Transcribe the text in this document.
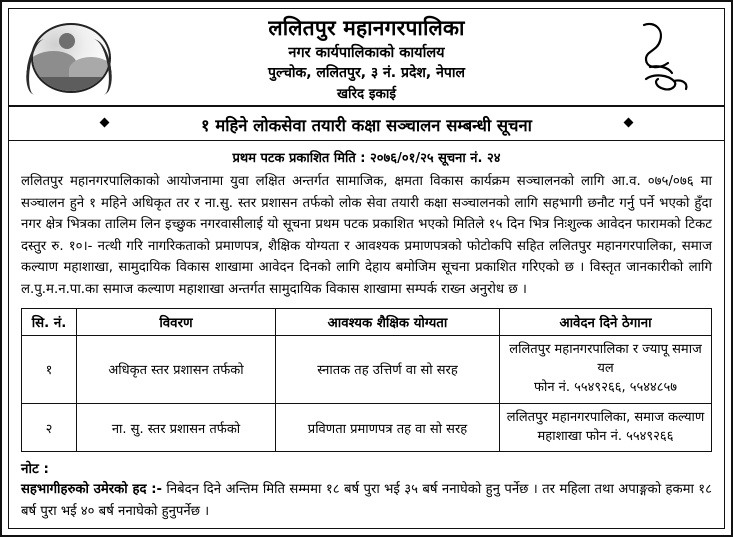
ललितपुर महानगरपालिका
नगर कार्यपालिकाको कार्यालय
पुल्चोक, ललितपुर, ३ नं. प्रदेश, नेपाल
खरिद इकाई
१ महिने लोकसेवा तयारी कक्षा सञ्चालन सम्बन्धी सूचना
प्रथम पटक प्रकाशित मिति : २०७६/०१/२५ सूचना नं. २४
ललितपुर महानगरपालिकाको आयोजनामा युवा लक्षित अन्तर्गत सामाजिक, क्षमता विकास कार्यक्रम सञ्चालनको लागि आ.व. ०७५/०७६ मा सञ्चालन हुने १ महिने अधिकृत तर र ना.सु. स्तर प्रशासन तर्फको लोक सेवा तयारी कक्षा सञ्चालनको लागि सहभागी छनौट गर्नु पर्ने भएको हुँदा नगर क्षेत्र भित्रका तालिम लिन इच्छुक नगरवासीलाई यो सूचना प्रथम पटक प्रकाशित भएको मितिले १५ दिन भित्र निःशुल्क आवेदन फारामको टिकट दस्तुर रु. १०।- नत्थी गरि नागरिकताको प्रमाणपत्र, शैक्षिक योग्यता र आवश्यक प्रमाणपत्रको फोटोकपि सहित ललितपुर महानगरपालिका, समाज कल्याण महाशाखा, सामुदायिक विकास शाखामा आवेदन दिनको लागि देहाय बमोजिम सूचना प्रकाशित गरिएको छ । विस्तृत जानकारीको लागि ल.पु.म.न.पा.का समाज कल्याण महाशाखा अन्तर्गत सामुदायिक विकास शाखामा सम्पर्क राख्न अनुरोध छ ।
सि. नं.	विवरण	आवश्यक शैक्षिक योग्यता	आवेदन दिने ठेगाना
१	अधिकृत स्तर प्रशासन तर्फको	स्नातक तह उत्तिर्ण वा सो सरह	ललितपुर महानगरपालिका र ज्यापू समाज यल
फोन नं. ५५४९२६६, ५५४४८५७

२	ना. सु. स्तर प्रशासन तर्फको	प्रविणता प्रमाणपत्र तह वा सो सरह	ललितपुर महानगरपालिका, समाज कल्याण
महाशाखा फोन नं. ५५४९२६६
नोट :
सहभागीहरुको उमेरको हद :- निबेदन दिने अन्तिम मिति सम्ममा १८ बर्ष पुरा भई ३५ बर्ष ननाघेको हुनु पर्नेछ । तर महिला तथा अपाङ्गको हकमा १८ बर्ष पुरा भई ४० बर्ष ननाघेको हुनुपर्नेछ ।
